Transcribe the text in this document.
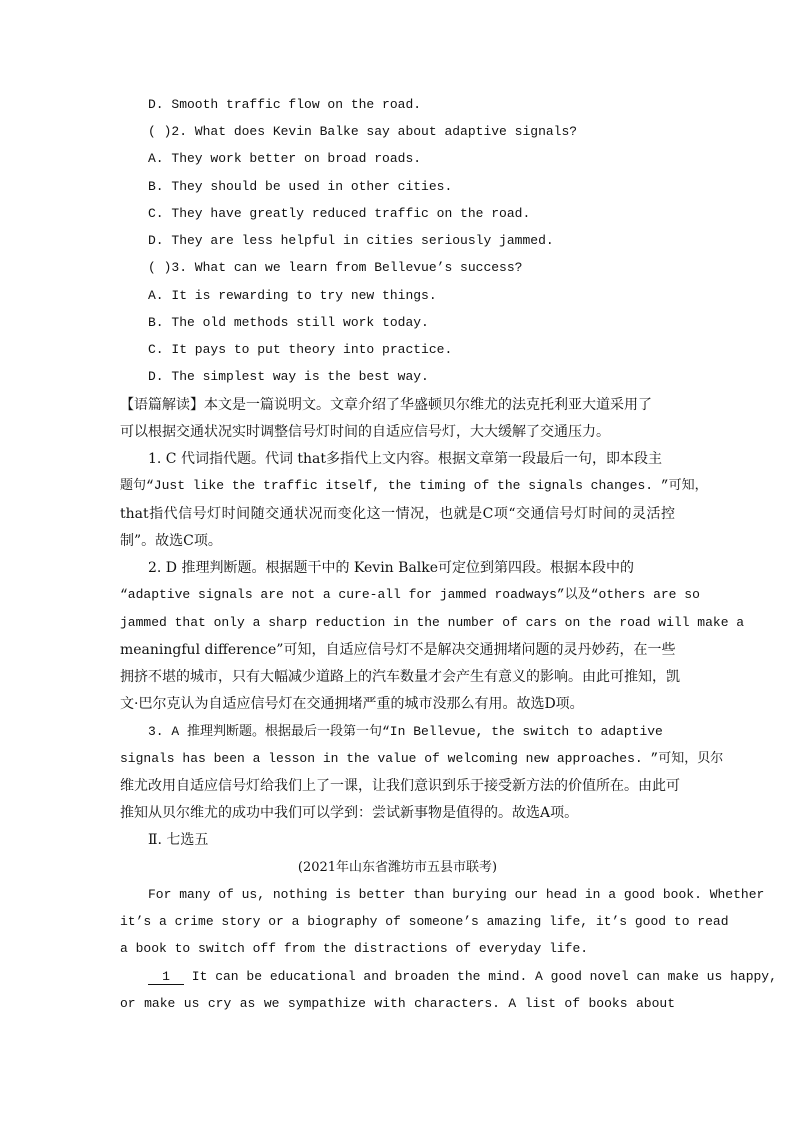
D. Smooth traffic flow on the road.
( )2. What does Kevin Balke say about adaptive signals?
A. They work better on broad roads.
B. They should be used in other cities.
C. They have greatly reduced traffic on the road.
D. They are less helpful in cities seriously jammed.
( )3. What can we learn from Bellevue’s success?
A. It is rewarding to try new things.
B. The old methods still work today.
C. It pays to put theory into practice.
D. The simplest way is the best way.
【语篇解读】本文是一篇说明文。文章介绍了华盛顿贝尔维尤的法克托利亚大道采用了
可以根据交通状况实时调整信号灯时间的自适应信号灯，大大缓解了交通压力。
1. C 代词指代题。代词 that多指代上文内容。根据文章第一段最后一句，即本段主
题句“Just like the traffic itself, the timing of the signals changes. ”可知，
that指代信号灯时间随交通状况而变化这一情况，也就是C项“交通信号灯时间的灵活控
制”。故选C项。
2. D 推理判断题。根据题干中的 Kevin Balke可定位到第四段。根据本段中的
“adaptive signals are not a cure-all for jammed roadways”以及“others are so
jammed that only a sharp reduction in the number of cars on the road will make a
meaningful difference”可知，自适应信号灯不是解决交通拥堵问题的灵丹妙药，在一些
拥挤不堪的城市，只有大幅减少道路上的汽车数量才会产生有意义的影响。由此可推知，凯
文·巴尔克认为自适应信号灯在交通拥堵严重的城市没那么有用。故选D项。
3. A 推理判断题。根据最后一段第一句“In Bellevue, the switch to adaptive
signals has been a lesson in the value of welcoming new approaches. ”可知，贝尔
维尤改用自适应信号灯给我们上了一课，让我们意识到乐于接受新方法的价值所在。由此可
推知从贝尔维尤的成功中我们可以学到：尝试新事物是值得的。故选A项。
Ⅱ. 七选五
(2021年山东省潍坊市五县市联考)
For many of us, nothing is better than burying our head in a good book. Whether
it’s a crime story or a biography of someone’s amazing life, it’s good to read
a book to switch off from the distractions of everyday life.
1 It can be educational and broaden the mind. A good novel can make us happy,
or make us cry as we sympathize with characters. A list of books about
